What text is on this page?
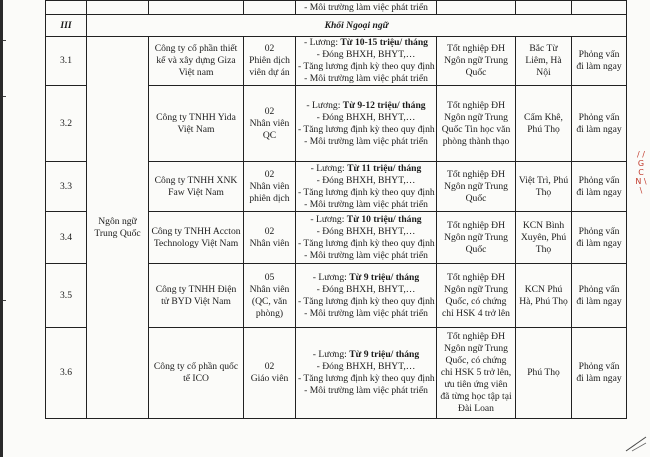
				- Môi trường làm việc phát triển			
III	Khối Ngoại ngữ						
3.1	Ngôn ngữ Trung Quốc	Công ty cổ phần thiết kế và xây dựng Giza Việt nam	02
Phiên dịch viên dự án	- Lương: Từ 10-15 triệu/ tháng
- Đóng BHXH, BHYT,…
- Tăng lương định kỳ theo quy định
- Môi trường làm việc phát triển	Tốt nghiệp ĐH Ngôn ngữ Trung Quốc	Bắc Từ Liêm, Hà Nội	Phỏng vấn đi làm ngay
3.2		Công ty TNHH Yida Việt Nam	02
Nhân viên QC	- Lương: Từ 9-12 triệu/ tháng
- Đóng BHXH, BHYT,…
- Tăng lương định kỳ theo quy định
- Môi trường làm việc phát triển	Tốt nghiệp ĐH Ngôn ngữ Trung Quốc Tin học văn phòng thành thạo	Cẩm Khê, Phú Thọ	Phỏng vấn đi làm ngay
3.3		Công ty TNHH XNK Faw Việt Nam	02
Nhân viên phiên dịch	- Lương: Từ 11 triệu/ tháng
- Đóng BHXH, BHYT,…
- Tăng lương định kỳ theo quy định
- Môi trường làm việc phát triển	Tốt nghiệp ĐH Ngôn ngữ Trung Quốc	Việt Trì, Phú Thọ	Phỏng vấn đi làm ngay
3.4		Công ty TNHH Accton Technology Việt Nam	02
Nhân viên	- Lương: Từ 10 triệu/ tháng
- Đóng BHXH, BHYT,…
- Tăng lương định kỳ theo quy định
- Môi trường làm việc phát triển	Tốt nghiệp ĐH Ngôn ngữ Trung Quốc	KCN Bình Xuyên, Phú Thọ	Phỏng vấn đi làm ngay
3.5		Công ty TNHH Điện tử BYD Việt Nam	05
Nhân viên (QC, văn phòng)	- Lương: Từ 9 triệu/ tháng
- Đóng BHXH, BHYT,…
- Tăng lương định kỳ theo quy định
- Môi trường làm việc phát triển	Tốt nghiệp ĐH Ngôn ngữ Trung Quốc, có chứng chỉ HSK 4 trở lên	KCN Phú Hà, Phú Thọ	Phỏng vấn đi làm ngay
3.6		Công ty cổ phần quốc tế ICO	02
Giáo viên	- Lương: Từ 9 triệu/ tháng
- Đóng BHXH, BHYT,…
- Tăng lương định kỳ theo quy định
- Môi trường làm việc phát triển	Tốt nghiệp ĐH Ngôn ngữ Trung Quốc, có chứng chỉ HSK 5 trở lên, ưu tiên ứng viên đã từng học tập tại Đài Loan	Phú Thọ	Phỏng vấn đi làm ngay
/ / G C N \ \
